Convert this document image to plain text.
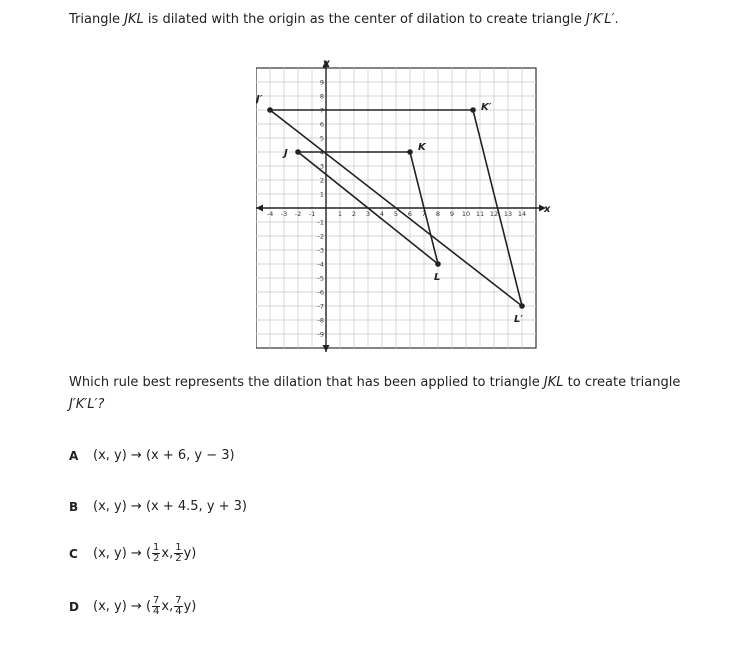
Triangle JKL is dilated with the origin as the center of dilation to create triangle J′K′L′.
x
y
-4 -3 -2 -1	1 2 3 4 5 6 7 8 9 10 11 12 13 14
9
8
7
6
5
4
3
2
1
-1
-2
-3
-4
-5
-6
-7
-8
-9
J
K
L
J′
K′
L′
Which rule best represents the dilation that has been applied to triangle JKL to create triangle
J′K′L′?
A	(x, y) → (x + 6, y − 3)
B	(x, y) → (x + 4.5, y + 3)
C	(x, y) → ( $\frac{1}{2} x$, $\frac{1}{2} y$)
D	(x, y) → ( $\frac{7}{4} x$, $\frac{7}{4} y$)
